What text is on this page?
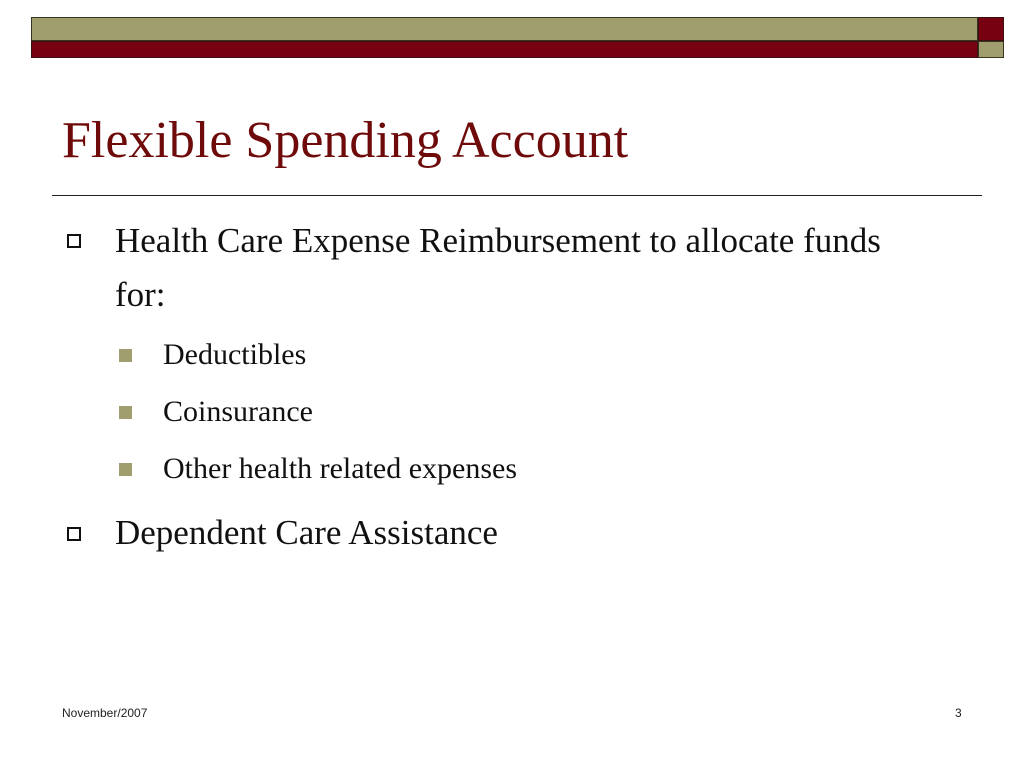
Flexible Spending Account
Health Care Expense Reimbursement to allocate funds for:
Deductibles
Coinsurance
Other health related expenses
Dependent Care Assistance
November/2007	3
